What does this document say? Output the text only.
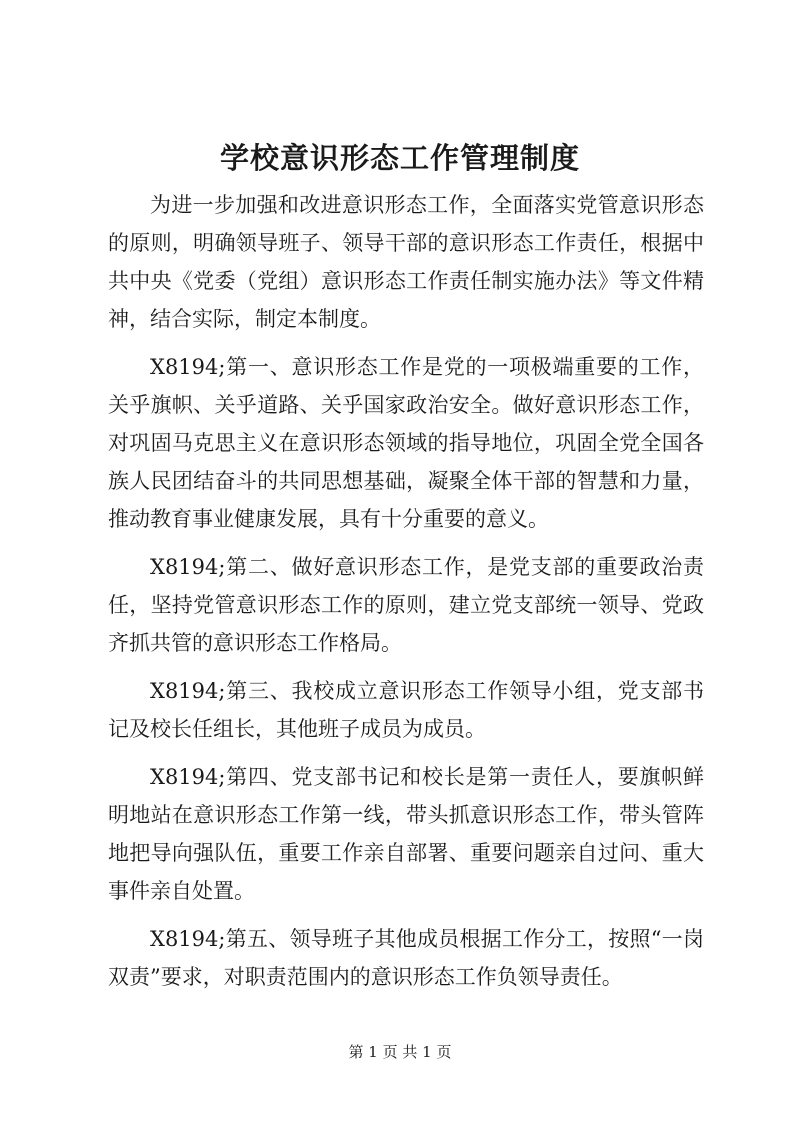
学校意识形态工作管理制度

为进一步加强和改进意识形态工作，全面落实党管意识形态的原则，明确领导班子、领导干部的意识形态工作责任，根据中共中央《党委（党组）意识形态工作责任制实施办法》等文件精神，结合实际，制定本制度。

X8194;第一、意识形态工作是党的一项极端重要的工作，关乎旗帜、关乎道路、关乎国家政治安全。做好意识形态工作，对巩固马克思主义在意识形态领域的指导地位，巩固全党全国各族人民团结奋斗的共同思想基础，凝聚全体干部的智慧和力量，推动教育事业健康发展，具有十分重要的意义。

X8194;第二、做好意识形态工作，是党支部的重要政治责任，坚持党管意识形态工作的原则，建立党支部统一领导、党政齐抓共管的意识形态工作格局。

X8194;第三、我校成立意识形态工作领导小组，党支部书记及校长任组长，其他班子成员为成员。

X8194;第四、党支部书记和校长是第一责任人，要旗帜鲜明地站在意识形态工作第一线，带头抓意识形态工作，带头管阵地把导向强队伍，重要工作亲自部署、重要问题亲自过问、重大事件亲自处置。

X8194;第五、领导班子其他成员根据工作分工，按照“一岗双责”要求，对职责范围内的意识形态工作负领导责任。

第 1 页 共 1 页
